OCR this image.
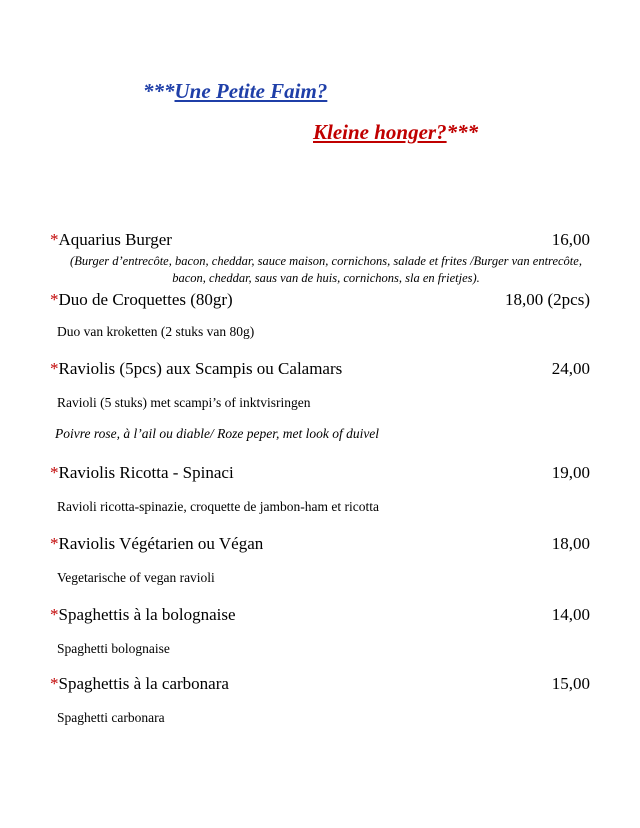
***Une Petite Faim?
Kleine honger?***
* Aquarius Burger	16,00
(Burger d’entrecôte, bacon, cheddar, sauce maison, cornichons, salade et frites /Burger van entrecôte,
bacon, cheddar, saus van de huis, cornichons, sla en frietjes).
* Duo de Croquettes (80gr)	18,00 (2pcs)
Duo van kroketten (2 stuks van 80g)
* Raviolis (5pcs) aux Scampis ou Calamars	24,00
Ravioli (5 stuks) met scampi’s of inktvisringen
Poivre rose, à l’ail ou diable/ Roze peper, met look of duivel
* Raviolis Ricotta - Spinaci	19,00
Ravioli ricotta-spinazie, croquette de jambon-ham et ricotta
* Raviolis Végétarien ou Végan	18,00
Vegetarische of vegan ravioli
* Spaghettis à la bolognaise	14,00
Spaghetti bolognaise
* Spaghettis à la carbonara	15,00
Spaghetti carbonara
